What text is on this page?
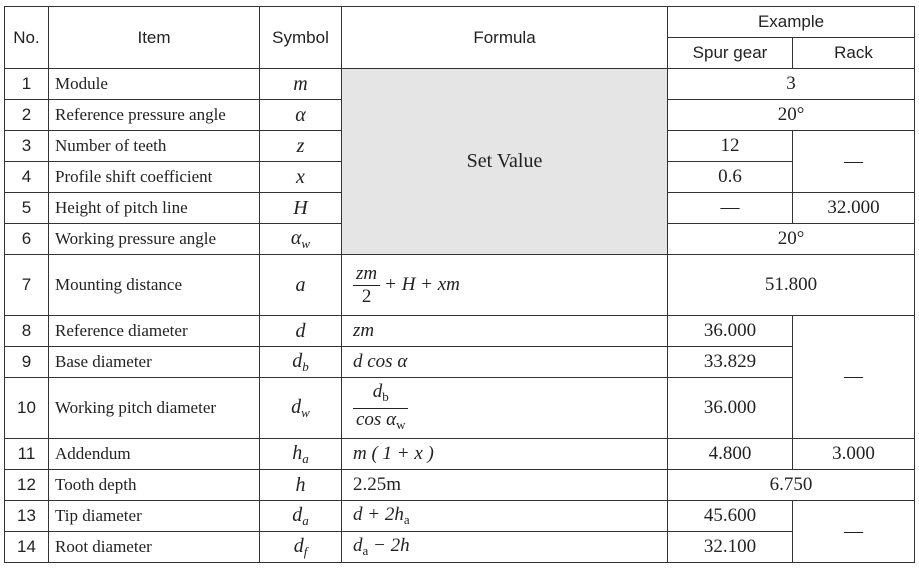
No.	Item	Symbol	Formula	Example	
				Spur gear	Rack
1	Module	m	Set Value	3	
2	Reference pressure angle	α		20°	
3	Number of teeth	z		12	—
4	Profile shift coefficient	x		0.6	
5	Height of pitch line	H		—	32.000
6	Working pressure angle	$\alpha_w$		20°	
7	Mounting distance	a	$\frac{zm}{2} + H$ + xm	51.800	
8	Reference diameter	d	zm	36.000	—
9	Base diameter	$d_b$	d cos α	33.829	
10	Working pitch diameter	$d_w$	$\frac{d_b}{\cos \alpha_w}$	36.000	
11	Addendum	$h_a$	m ( 1 + x )	4.800	3.000
12	Tooth depth	h	2.25m	6.750	
13	Tip diameter	$d_a$	$d + 2h_a$	45.600	—
14	Root diameter	$d_f$	$d_a - 2h$	32.100	
